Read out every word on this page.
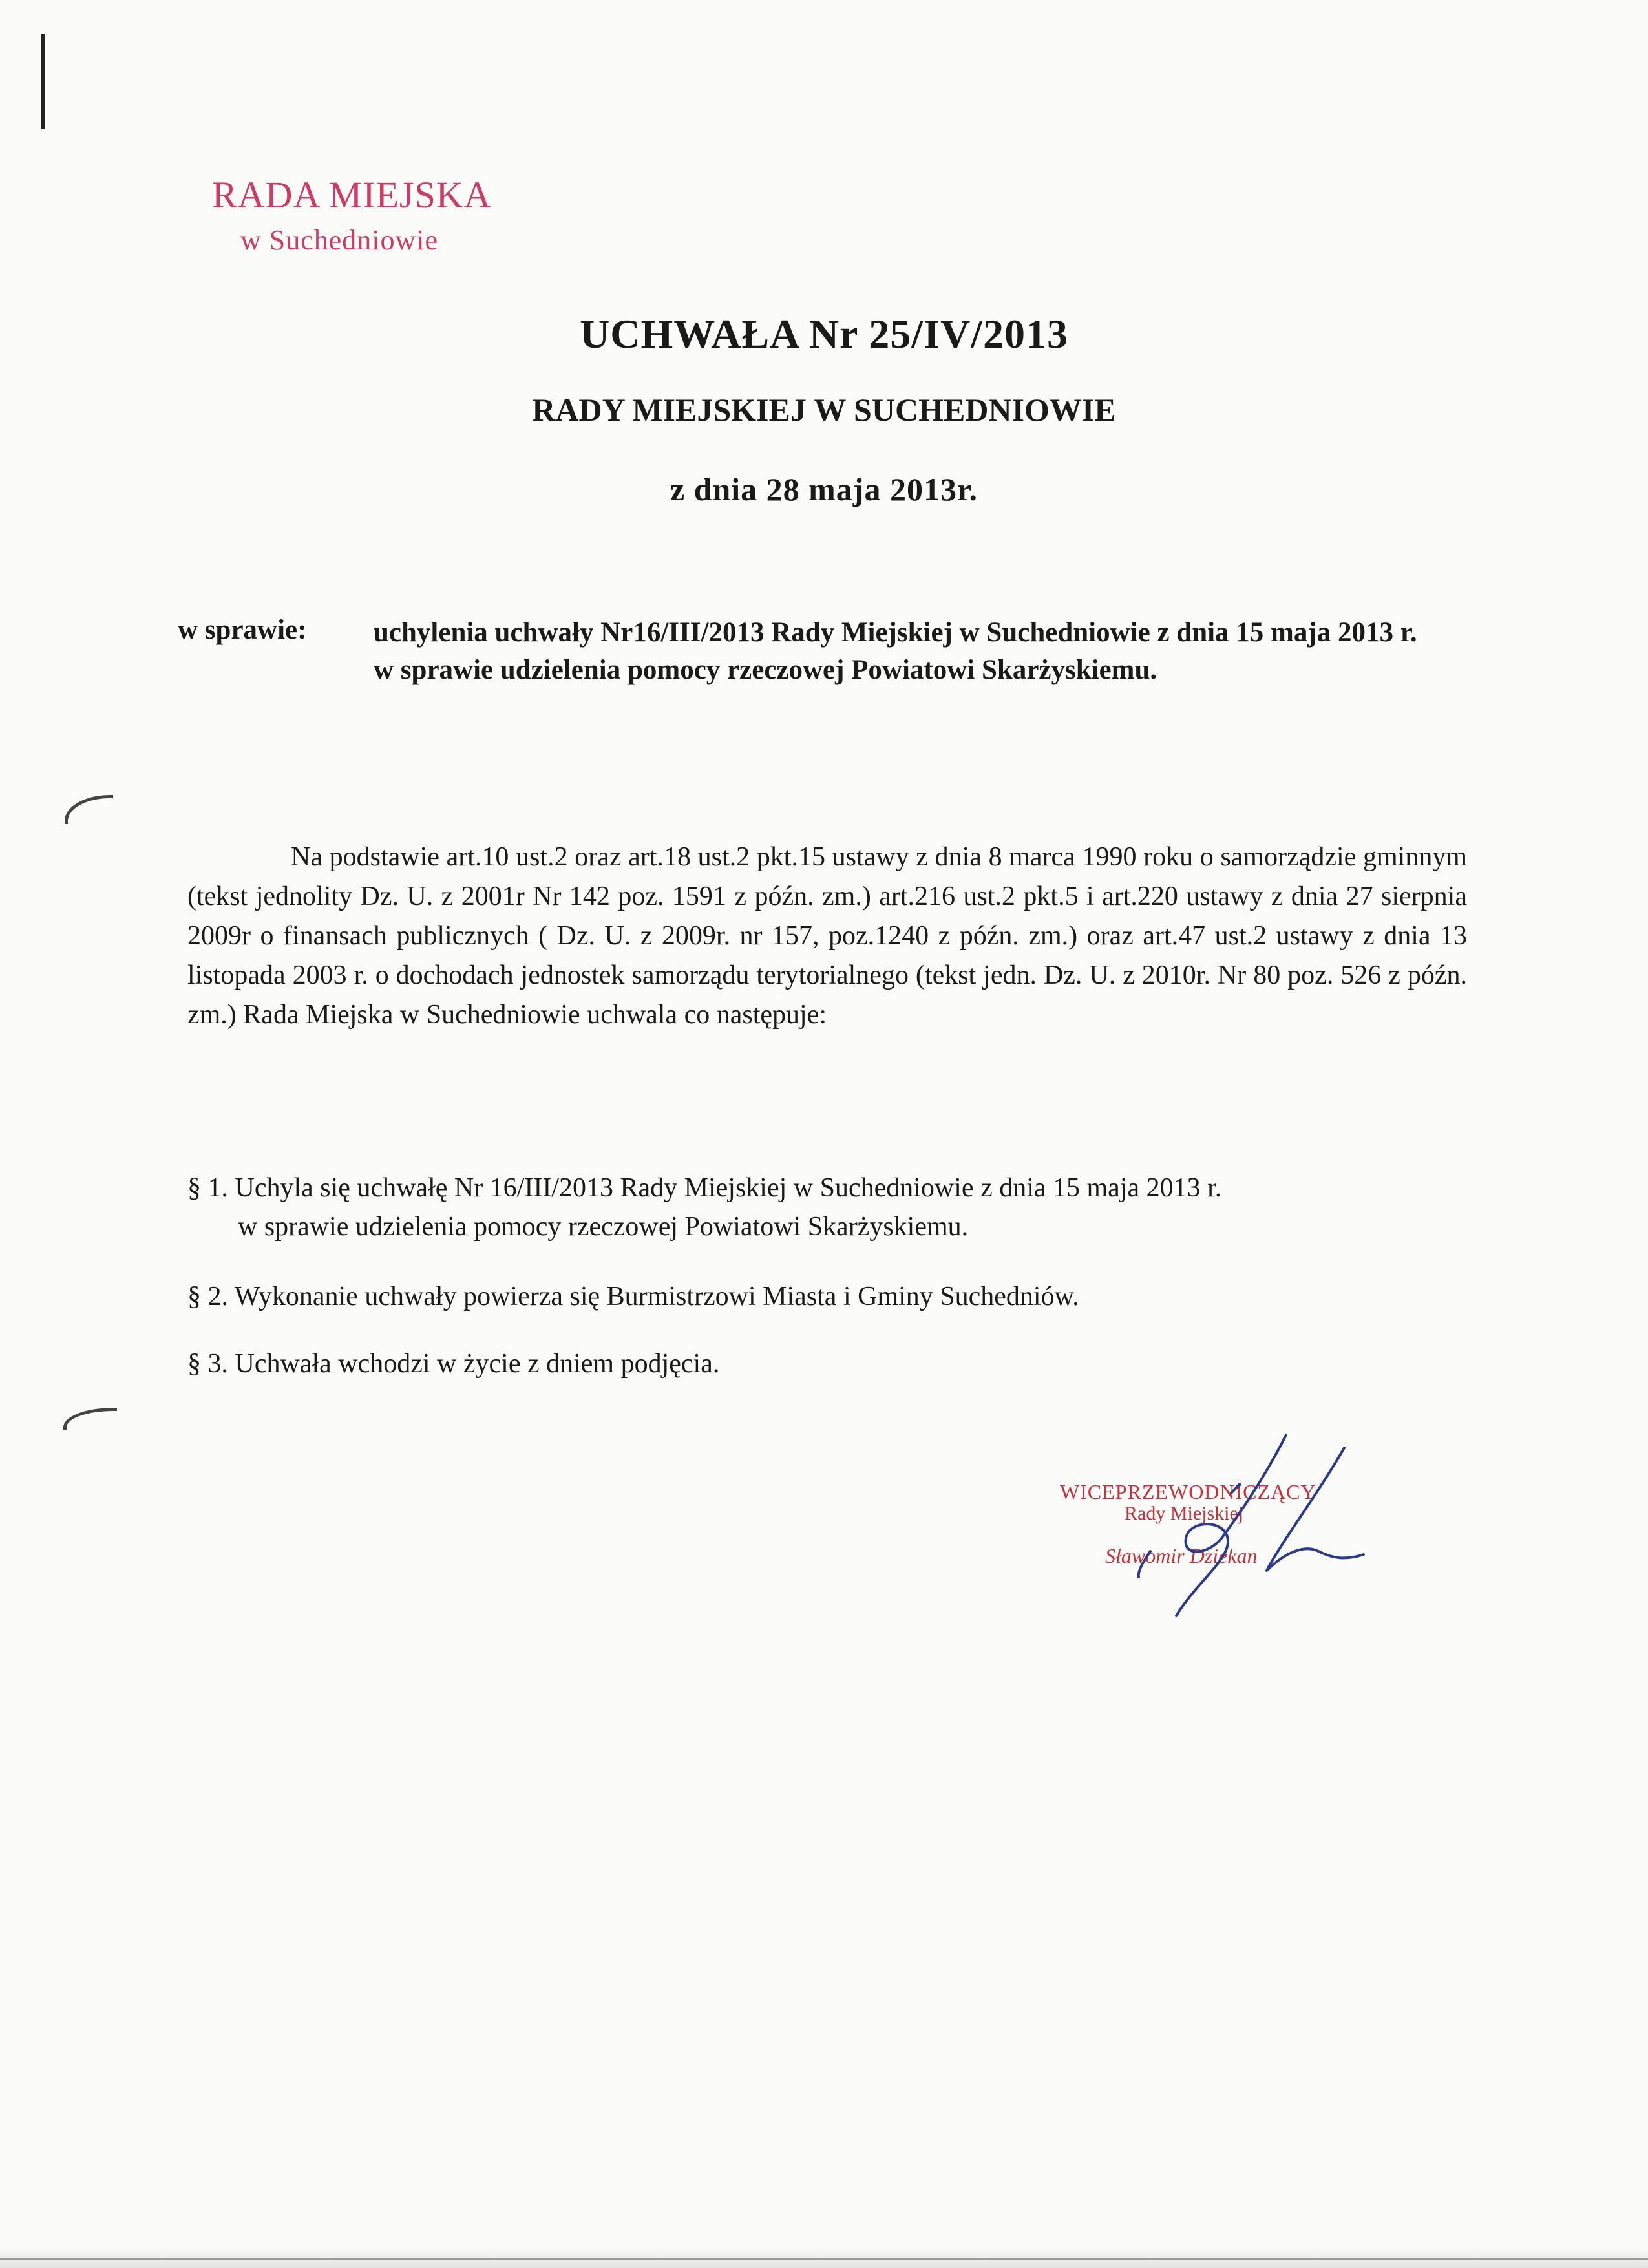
RADA MIEJSKA
w Suchedniowie
UCHWAŁA Nr 25/IV/2013
RADY MIEJSKIEJ W SUCHEDNIOWIE
z dnia 28 maja 2013r.
w sprawie: uchylenia uchwały Nr16/III/2013 Rady Miejskiej w Suchedniowie z dnia 15 maja 2013 r. w sprawie udzielenia pomocy rzeczowej Powiatowi Skarżyskiemu.
Na podstawie art.10 ust.2 oraz art.18 ust.2 pkt.15 ustawy z dnia 8 marca 1990 roku o samorządzie gminnym (tekst jednolity Dz. U. z 2001r Nr 142 poz. 1591 z późn. zm.) art.216 ust.2 pkt.5 i art.220 ustawy z dnia 27 sierpnia 2009r o finansach publicznych ( Dz. U. z 2009r. nr 157, poz.1240 z późn. zm.) oraz art.47 ust.2 ustawy z dnia 13 listopada 2003 r. o dochodach jednostek samorządu terytorialnego (tekst jedn. Dz. U. z 2010r. Nr 80 poz. 526 z późn. zm.) Rada Miejska w Suchedniowie uchwala co następuje:
§ 1. Uchyla się uchwałę Nr 16/III/2013 Rady Miejskiej w Suchedniowie z dnia 15 maja 2013 r.
w sprawie udzielenia pomocy rzeczowej Powiatowi Skarżyskiemu.
§ 2. Wykonanie uchwały powierza się Burmistrzowi Miasta i Gminy Suchedniów.
§ 3. Uchwała wchodzi w życie z dniem podjęcia.
WICEPRZEWODNICZĄCY
Rady Miejskiej
Sławomir Dziekan
